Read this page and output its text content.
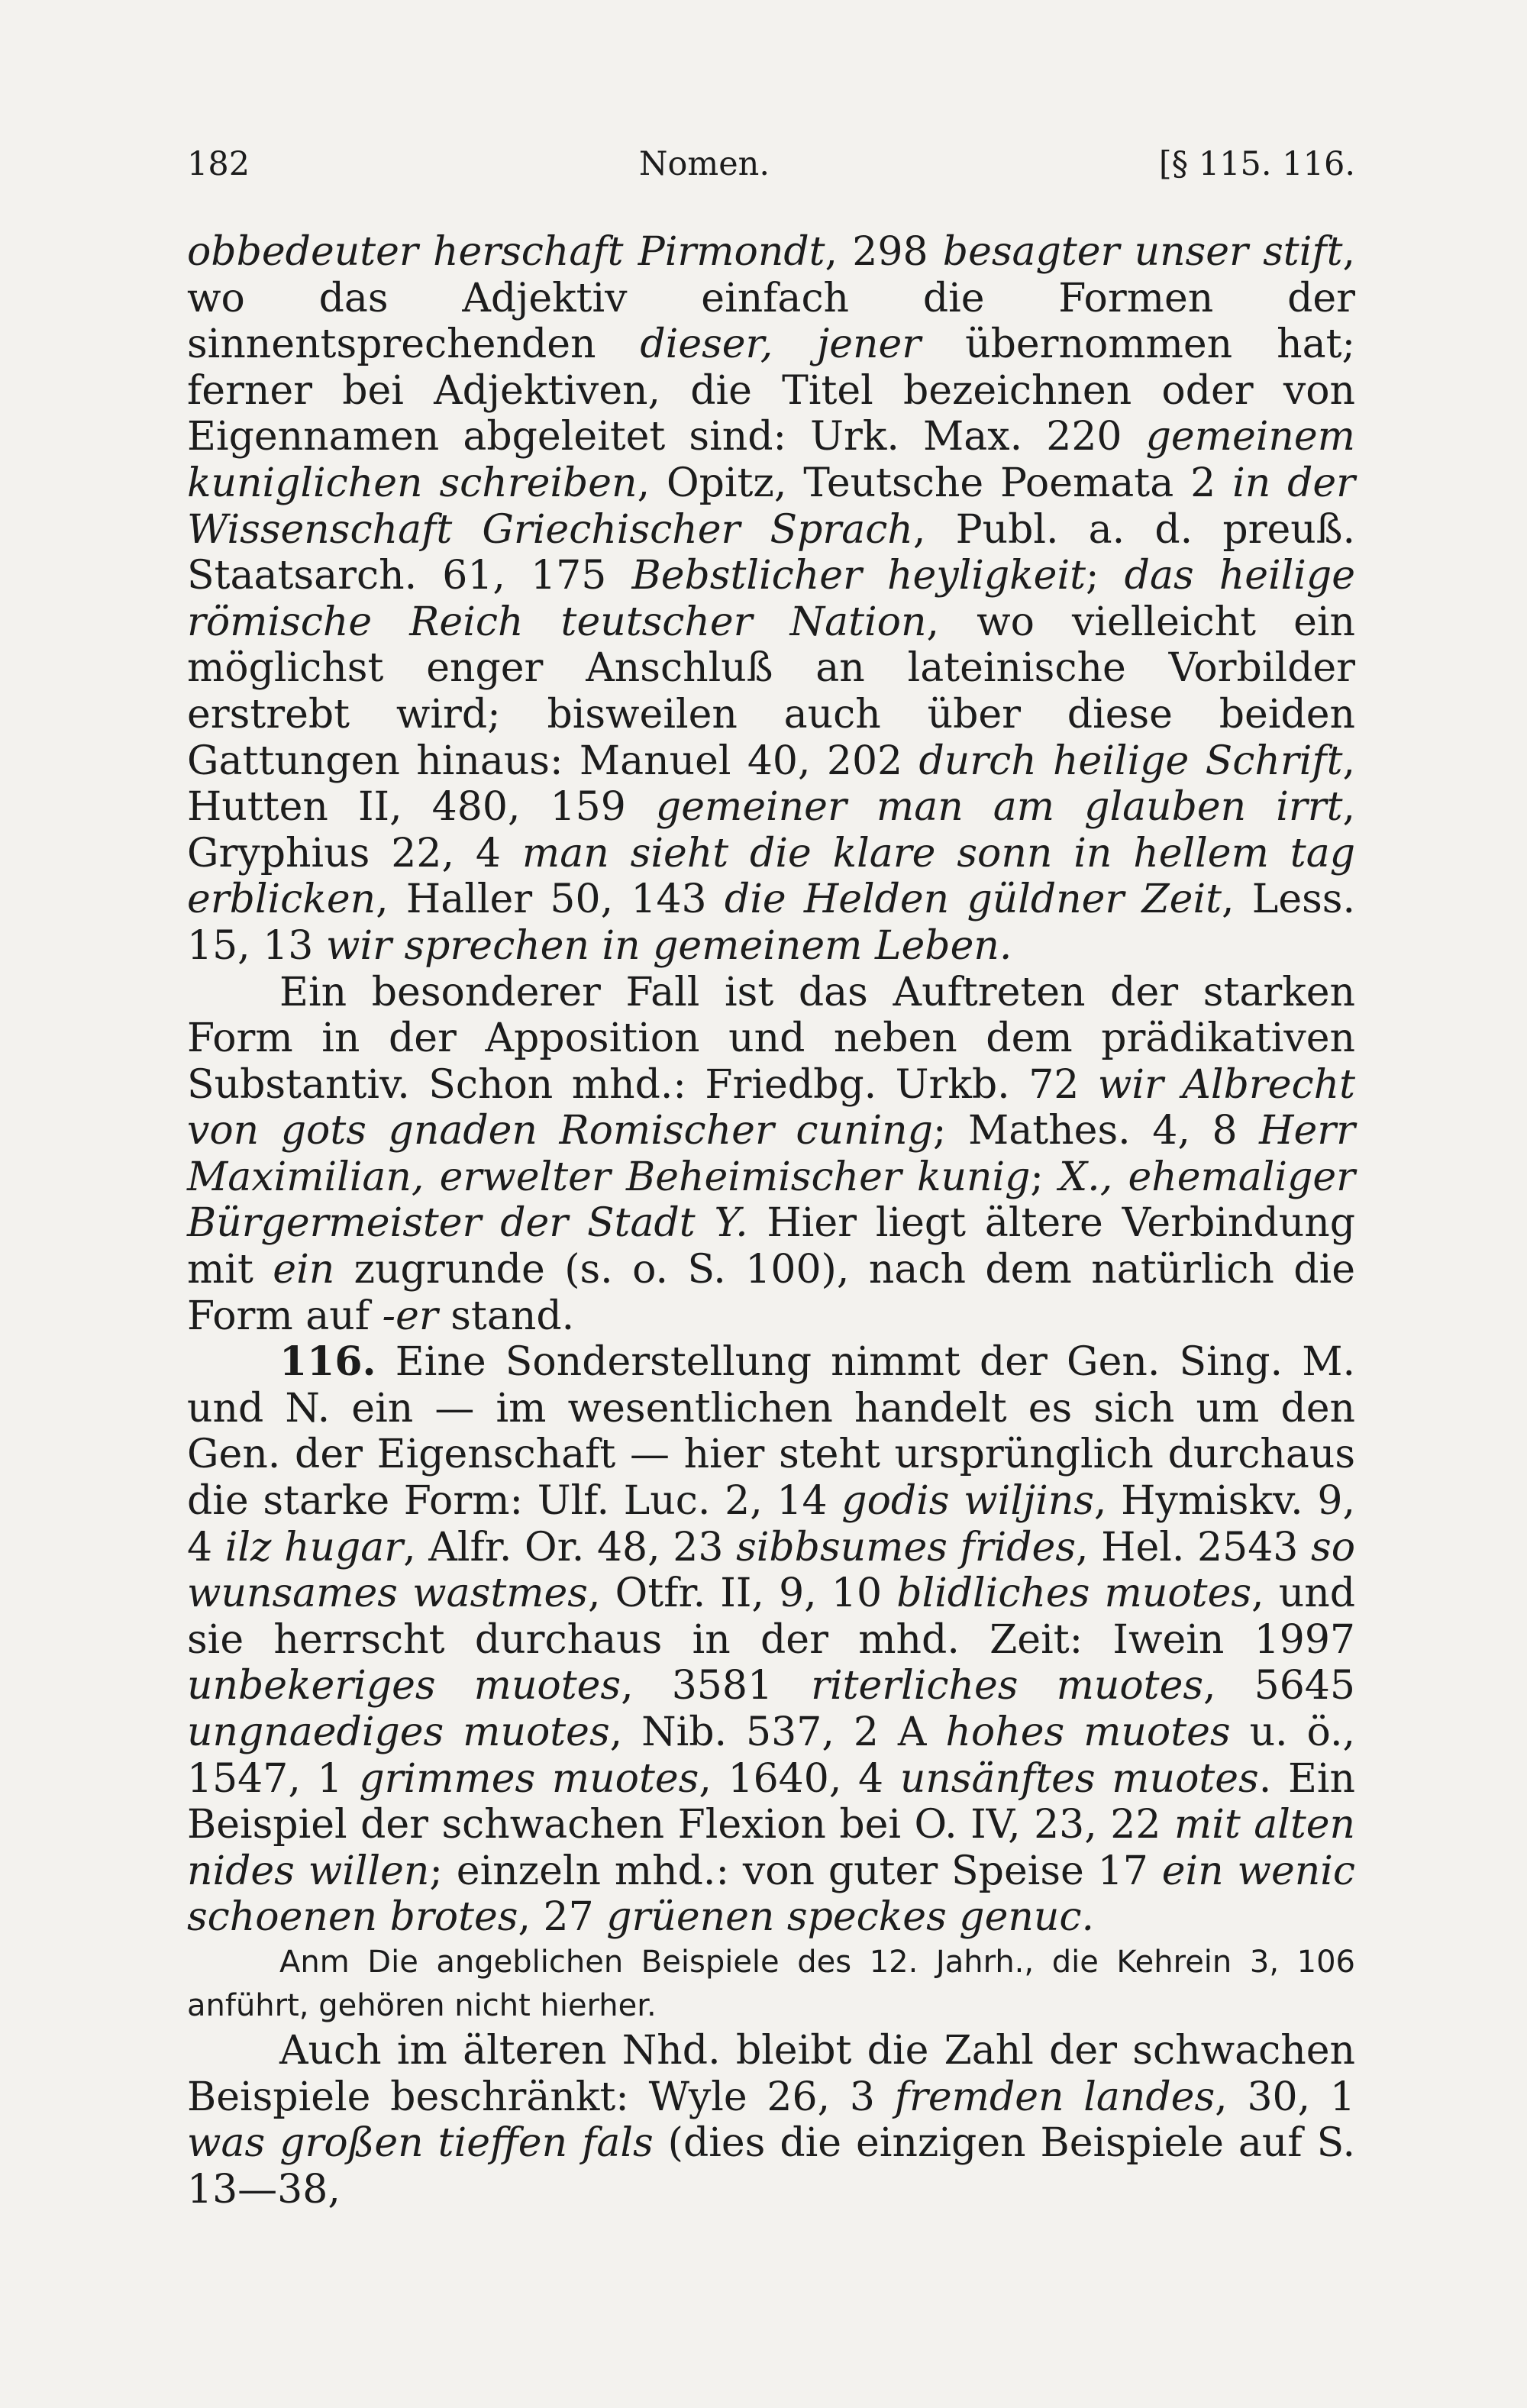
182	Nomen.	[§ 115. 116.

obbedeuter herschaft Pirmondt, 298 besagter unser stift, wo das Adjektiv einfach die Formen der sinnentsprechenden dieser, jener übernommen hat; ferner bei Adjektiven, die Titel bezeichnen oder von Eigennamen abgeleitet sind: Urk. Max. 220 gemeinem kuniglichen schreiben, Opitz, Teutsche Poemata 2 in der Wissenschaft Griechischer Sprach, Publ. a. d. preuß. Staatsarch. 61, 175 Bebstlicher heyligkeit; das heilige römische Reich teutscher Nation, wo vielleicht ein möglichst enger Anschluß an lateinische Vorbilder erstrebt wird; bisweilen auch über diese beiden Gattungen hinaus: Manuel 40, 202 durch heilige Schrift, Hutten II, 480, 159 gemeiner man am glauben irrt, Gryphius 22, 4 man sieht die klare sonn in hellem tag erblicken, Haller 50, 143 die Helden güldner Zeit, Less. 15, 13 wir sprechen in gemeinem Leben.

Ein besonderer Fall ist das Auftreten der starken Form in der Apposition und neben dem prädikativen Substantiv. Schon mhd.: Friedbg. Urkb. 72 wir Albrecht von gots gnaden Romischer cuning; Mathes. 4, 8 Herr Maximilian, erwelter Beheimischer kunig; X., ehemaliger Bürgermeister der Stadt Y. Hier liegt ältere Verbindung mit ein zugrunde (s. o. S. 100), nach dem natürlich die Form auf -er stand.

116. Eine Sonderstellung nimmt der Gen. Sing. M. und N. ein — im wesentlichen handelt es sich um den Gen. der Eigenschaft — hier steht ursprünglich durchaus die starke Form: Ulf. Luc. 2, 14 godis wiljins, Hymiskv. 9, 4 ilz hugar, Alfr. Or. 48, 23 sibbsumes frides, Hel. 2543 so wunsames wastmes, Otfr. II, 9, 10 blidliches muotes, und sie herrscht durchaus in der mhd. Zeit: Iwein 1997 unbekeriges muotes, 3581 riterliches muotes, 5645 ungnaediges muotes, Nib. 537, 2 A hohes muotes u. ö., 1547, 1 grimmes muotes, 1640, 4 unsänftes muotes. Ein Beispiel der schwachen Flexion bei O. IV, 23, 22 mit alten nides willen; einzeln mhd.: von guter Speise 17 ein wenic schoenen brotes, 27 grüenen speckes genuc.

Anm Die angeblichen Beispiele des 12. Jahrh., die Kehrein 3, 106 anführt, gehören nicht hierher.

Auch im älteren Nhd. bleibt die Zahl der schwachen Beispiele beschränkt: Wyle 26, 3 fremden landes, 30, 1 was großen tieffen fals (dies die einzigen Beispiele auf S. 13—38,
